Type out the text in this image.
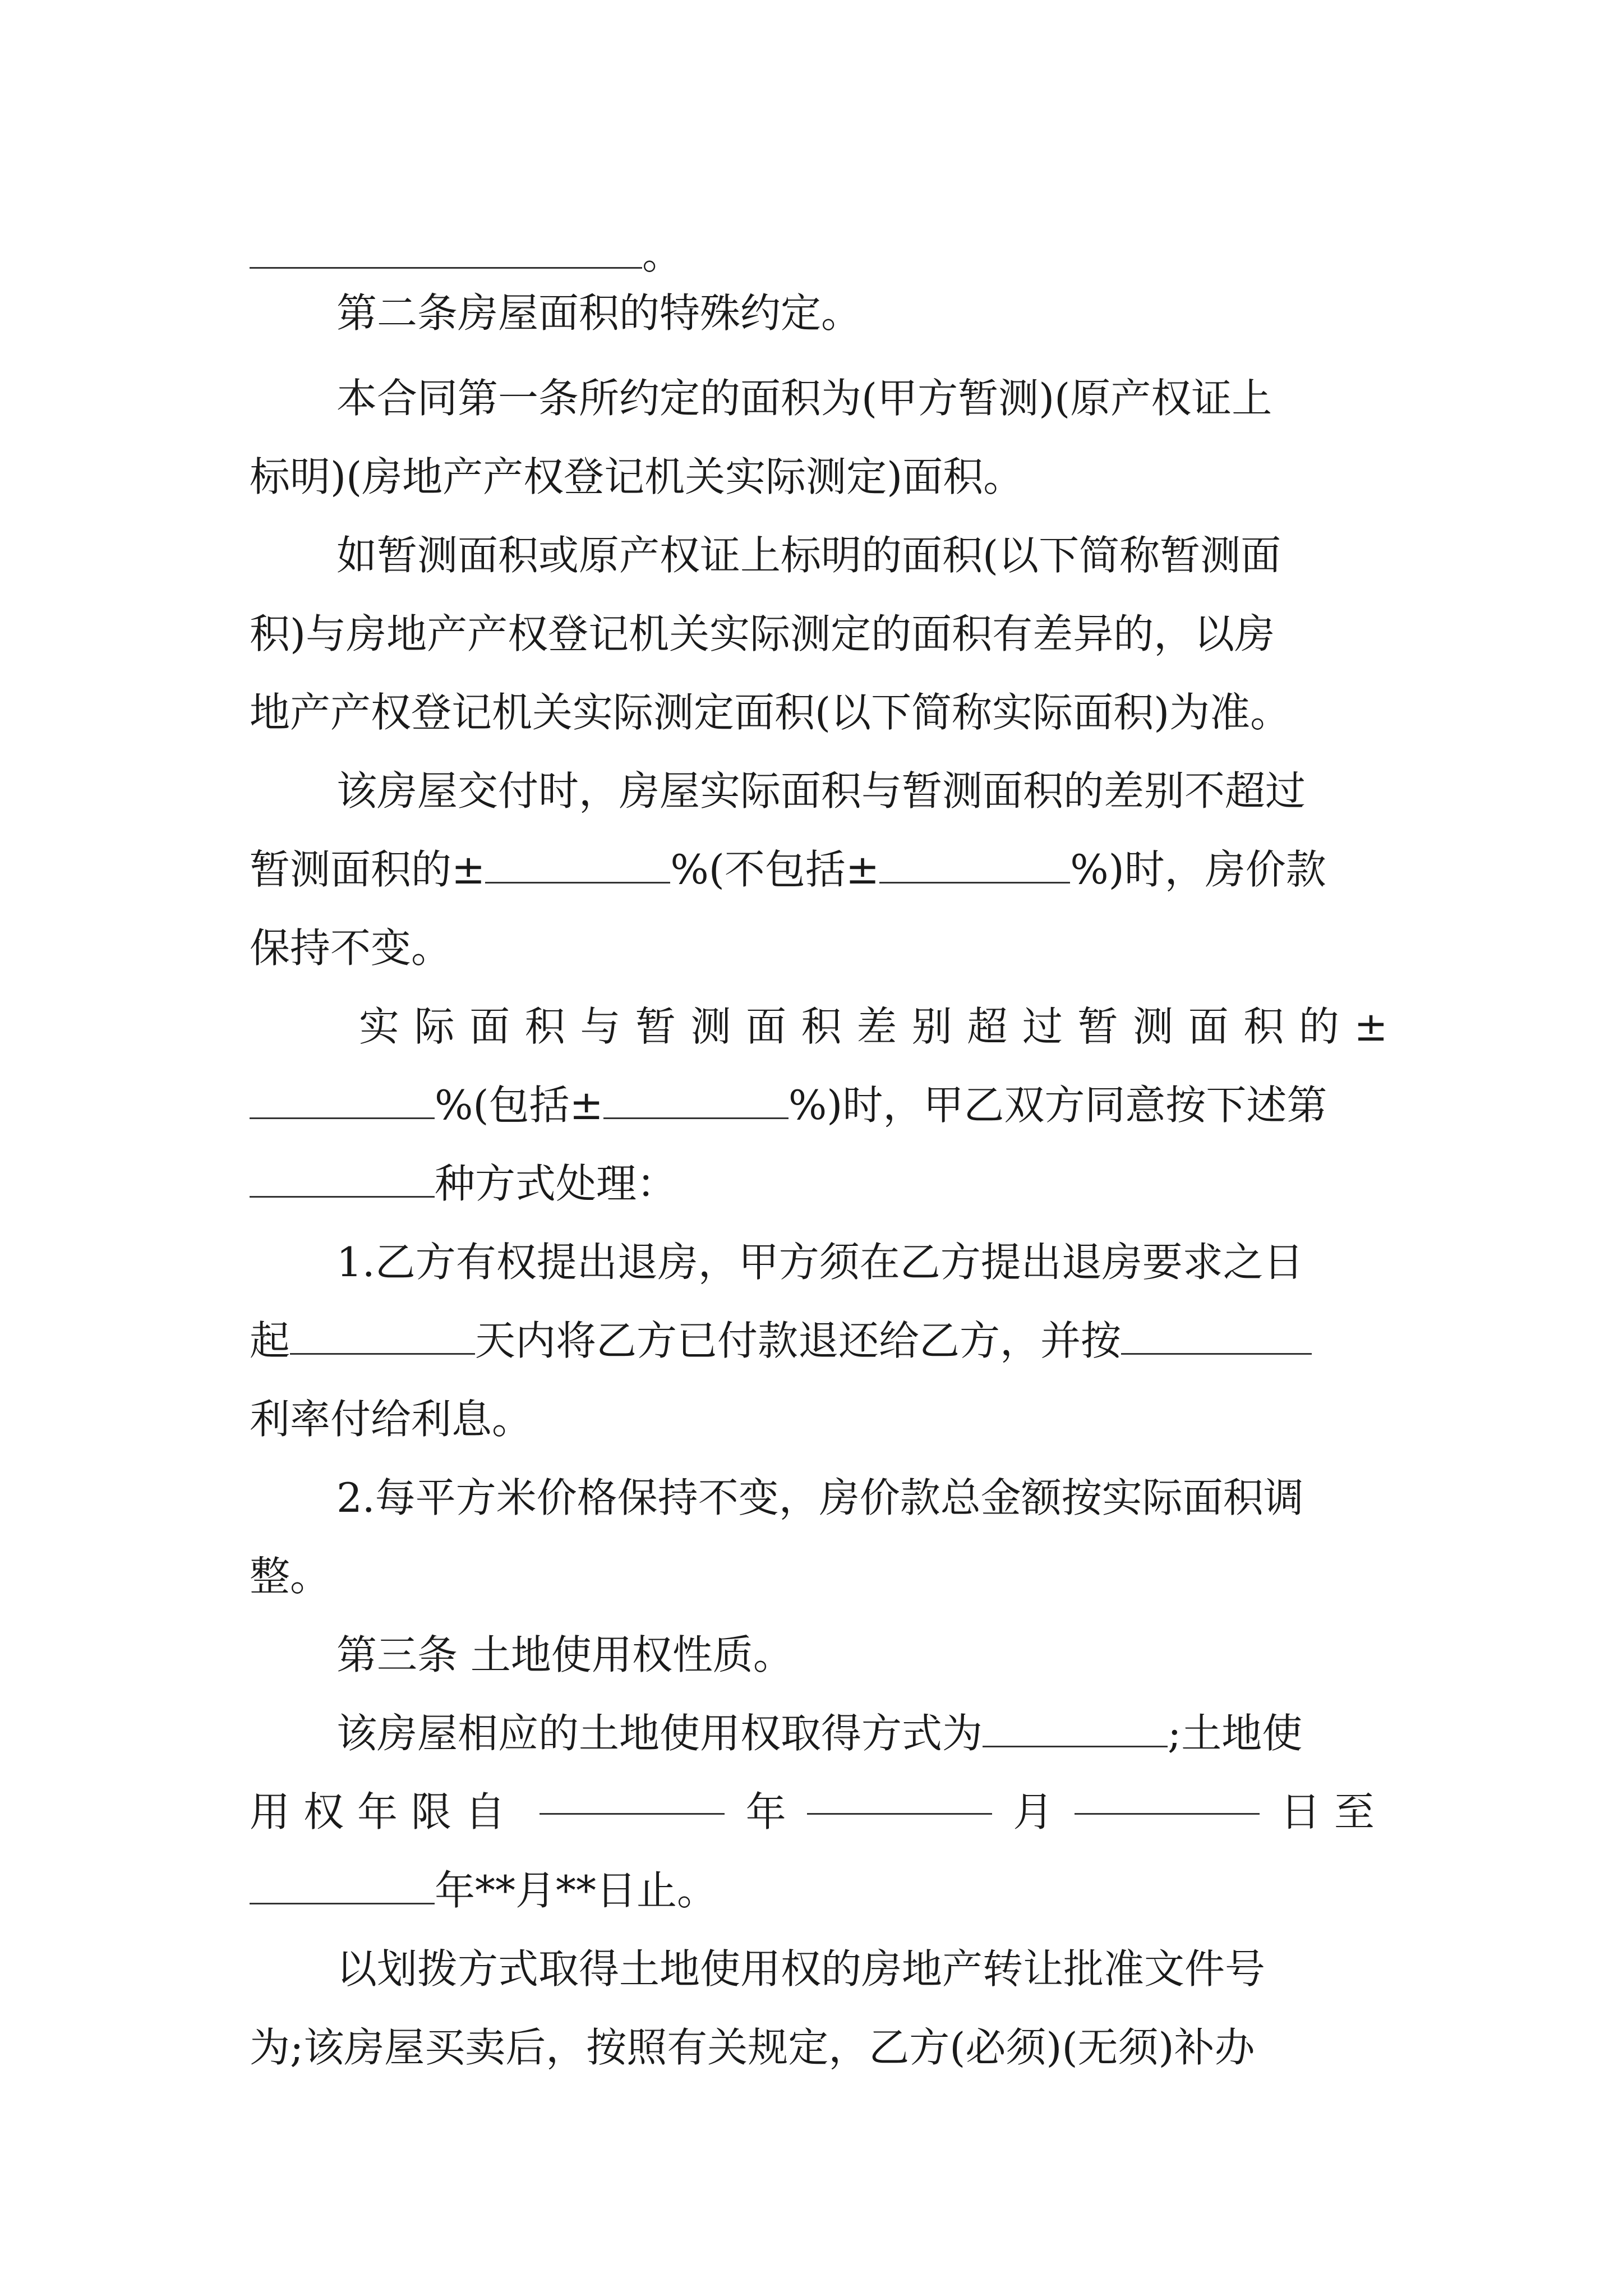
。
第二条房屋面积的特殊约定。
本合同第一条所约定的面积为(甲方暂测)(原产权证上
标明)(房地产产权登记机关实际测定)面积。
如暂测面积或原产权证上标明的面积(以下简称暂测面
积)与房地产产权登记机关实际测定的面积有差异的，以房
地产产权登记机关实际测定面积(以下简称实际面积)为准。
该房屋交付时，房屋实际面积与暂测面积的差别不超过
暂测面积的±	%(不包括±	%)时，房价款
保持不变。
实 际 面 积 与 暂 测 面 积 差 别 超 过 暂 测 面 积 的 ±
%(包括±	%)时，甲乙双方同意按下述第
种方式处理：
1.乙方有权提出退房，甲方须在乙方提出退房要求之日
起	天内将乙方已付款退还给乙方，并按
利率付给利息。
2.每平方米价格保持不变，房价款总金额按实际面积调
整。
第三条 土地使用权性质。
该房屋相应的土地使用权取得方式为	;土地使
用权年限自	年	月	日至
年**月**日止。
以划拨方式取得土地使用权的房地产转让批准文件号
为;该房屋买卖后，按照有关规定，乙方(必须)(无须)补办
